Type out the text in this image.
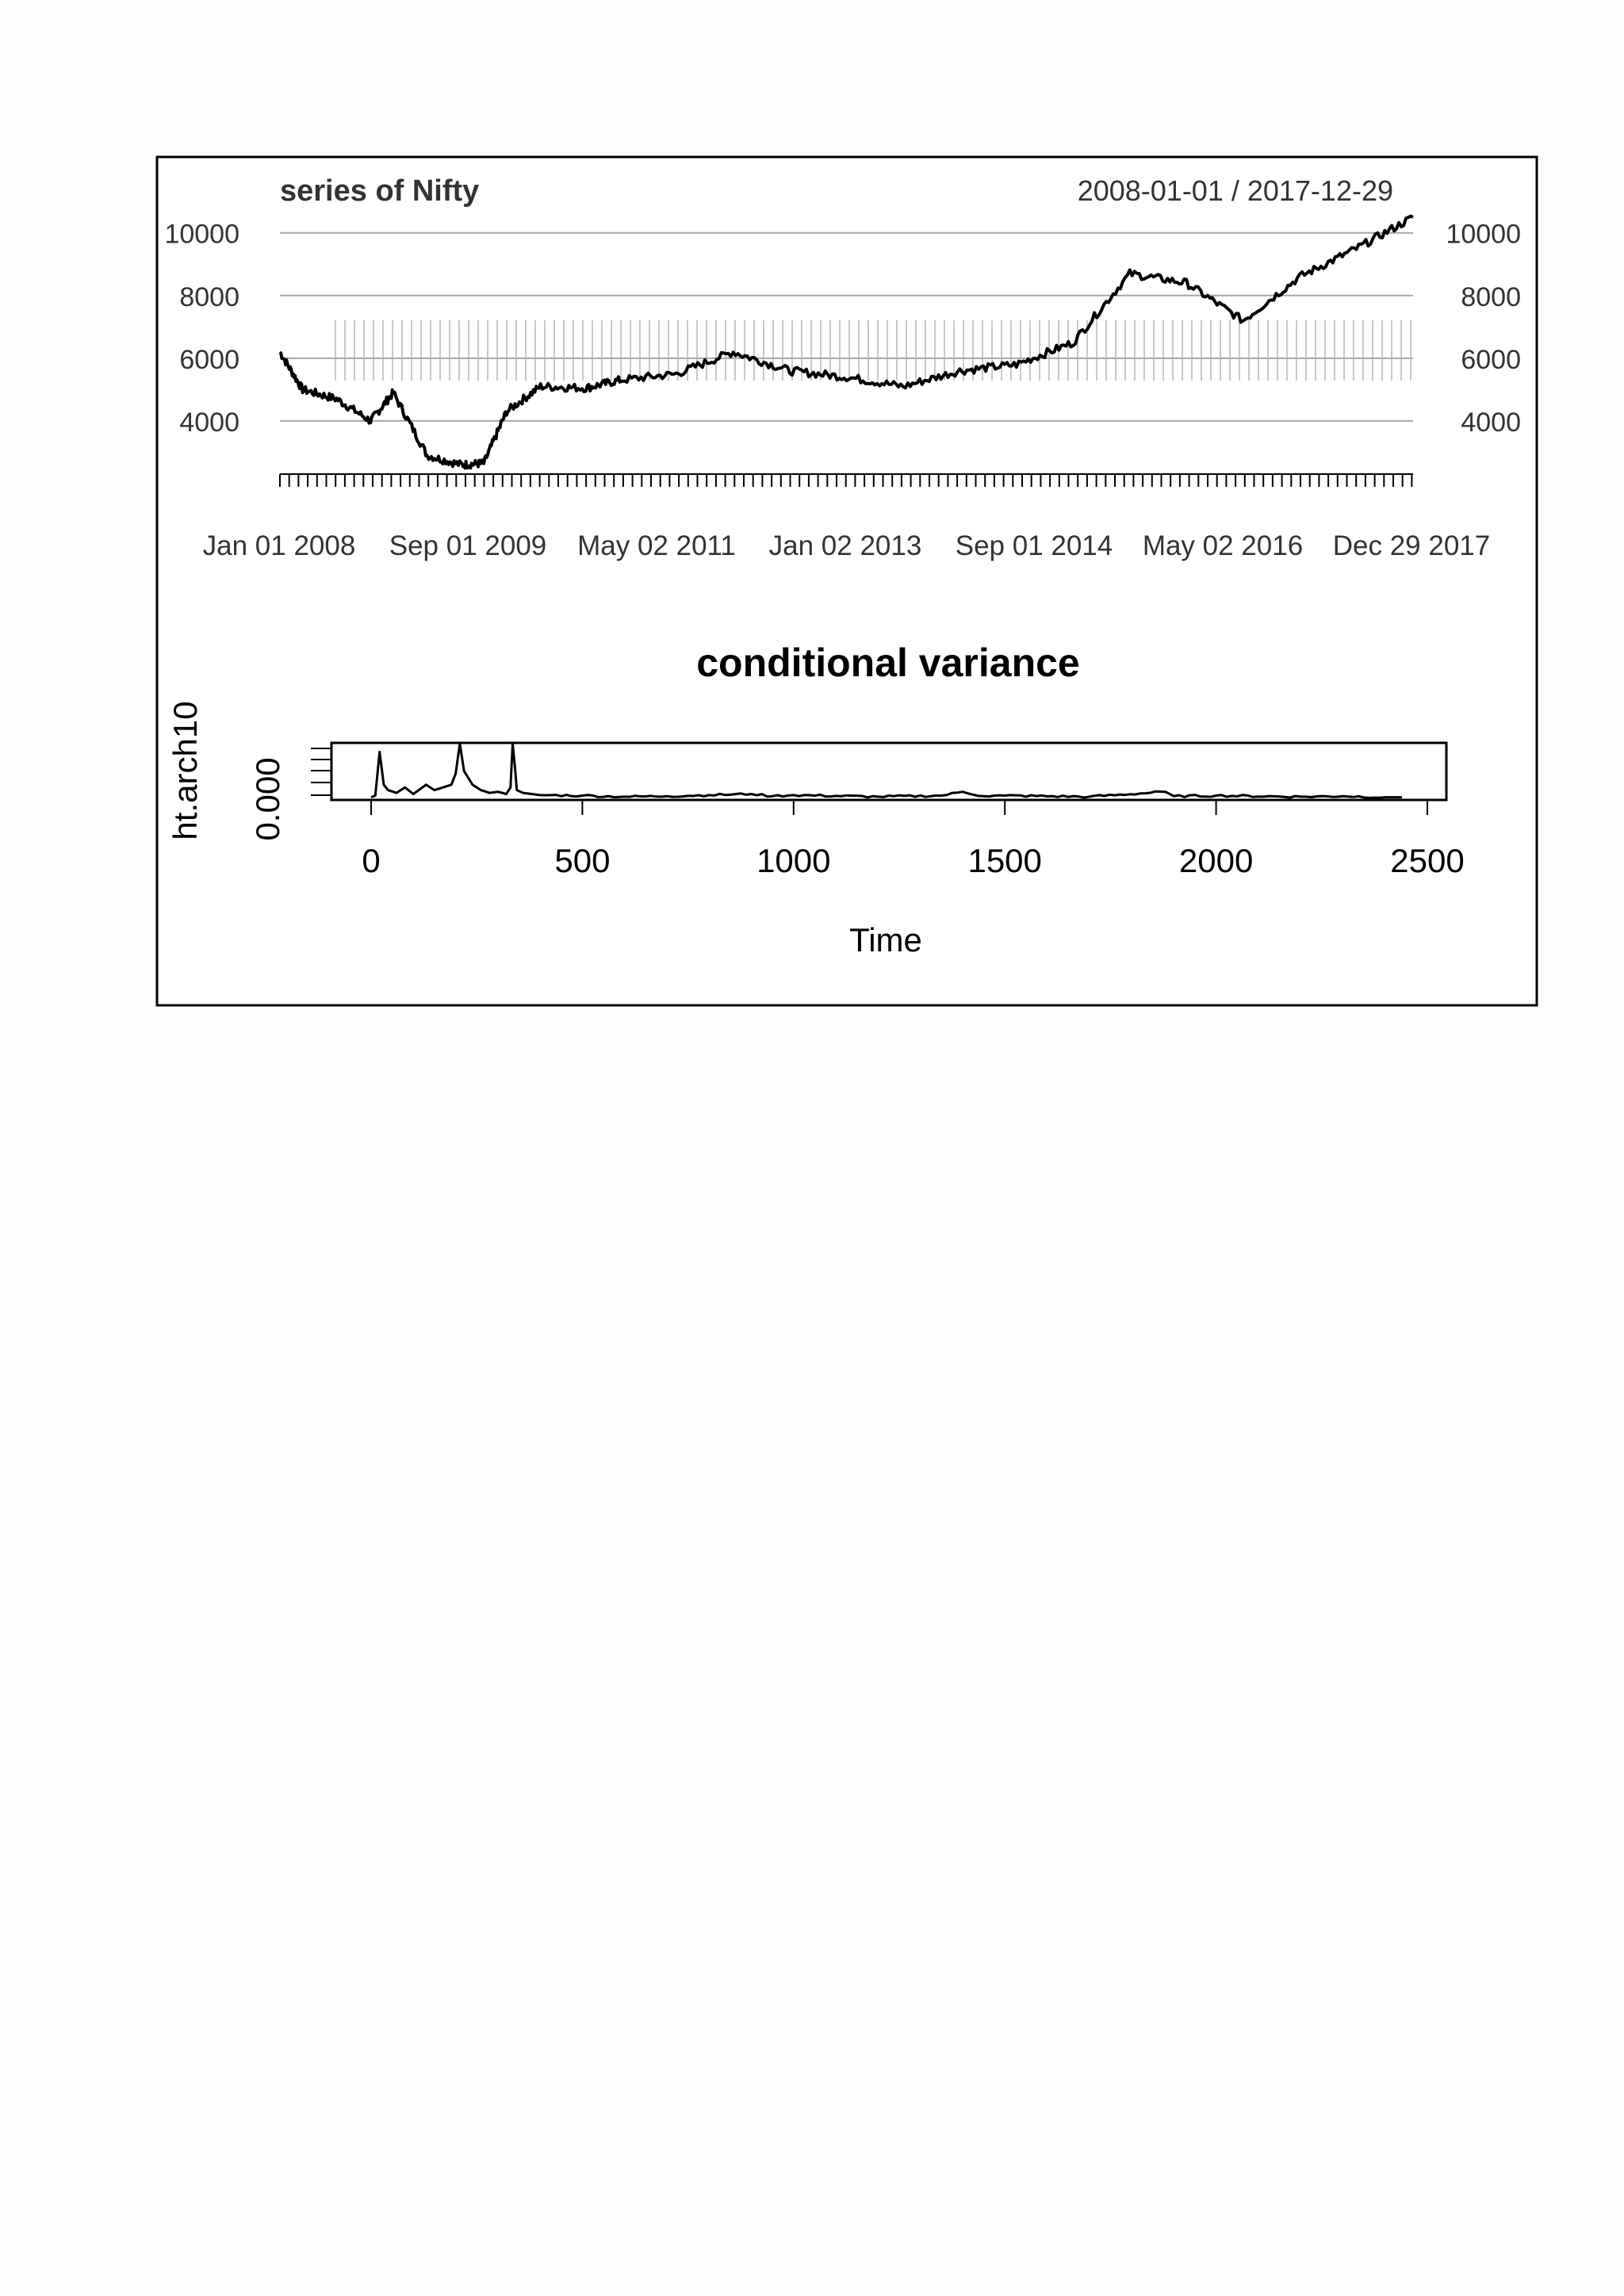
4000
6000
8000
10000
4000
6000
8000
10000
Jan 01 2008 Sep 01 2009 May 02 2011 Jan 02 2013 Sep 01 2014 May 02 2016 Dec 29 2017
series of Nifty	2008-01-01 / 2017-12-29
conditional variance
0.000
ht.arch10
0	500	1000	1500	2000	2500
Time
